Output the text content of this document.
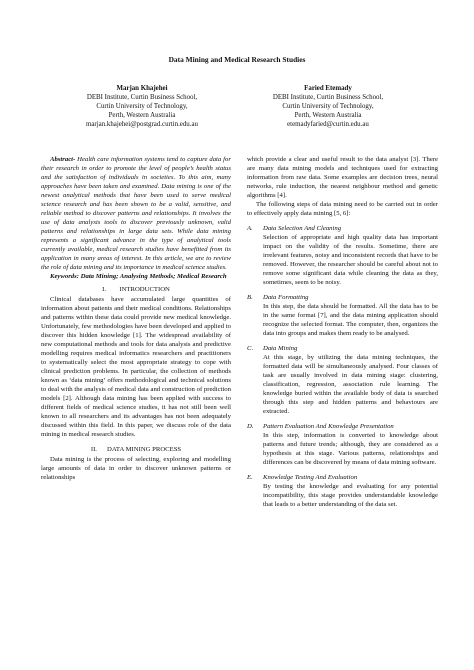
Data Mining and Medical Research Studies
Marjan Khajehei
DEBI Institute, Curtin Business School,
Curtin University of Technology,
Perth, Western Australia
marjan.khajehei@postgrad.curtin.edu.au
Faried Etemady
DEBI Institute, Curtin Business School,
Curtin University of Technology,
Perth, Western Australia
etemadyfaried@curtin.edu.au

Abstract- Health care information systems tend to capture data for their research in order to promote the level of people’s health status and the satisfaction of individuals in societies. To this aim, many approaches have been taken and examined. Data mining is one of the newest analytical methods that have been used to serve medical science research and has been shown to be a valid, sensitive, and reliable method to discover patterns and relationships. It involves the use of data analysis tools to discover previously unknown, valid patterns and relationships in large data sets. While data mining represents a significant advance in the type of analytical tools currently available, medical research studies have benefitted from its application in many areas of interest. In this article, we are to review the role of data mining and its importance in medical science studies.

Keywords: Data Mining; Analysing Methods; Medical Research

I.        INTRODUCTION

Clinical databases have accumulated large quantities of information about patients and their medical conditions. Relationships and patterns within these data could provide new medical knowledge. Unfortunately, few methodologies have been developed and applied to discover this hidden knowledge [1]. The widespread availability of new computational methods and tools for data analysis and predictive modelling requires medical informatics researchers and practitioners to systematically select the most appropriate strategy to cope with clinical prediction problems. In particular, the collection of methods known as ‘data mining’ offers methodological and technical solutions to deal with the analysis of medical data and construction of prediction models [2]. Although data mining has been applied with success to different fields of medical science studies, it has not still been well known to all researchers and its advantages has not been adequately discussed within this field. In this paper, we discuss role of the data mining in medical research studies.

II.      DATA MINING PROCESS

Data mining is the process of selecting, exploring and modelling large amounts of data in order to discover unknown patterns or relationships

which provide a clear and useful result to the data analyst [3]. There are many data mining models and techniques used for extracting information from raw data. Some examples are decision trees, neural networks, rule induction, the nearest neighbour method and genetic algorithms [4].

The following steps of data mining need to be carried out in order to effectively apply data mining [5, 6]:

A. Data Selection And Cleaning

Selection of appropriate and high quality data has important impact on the validity of the results. Sometime, there are irrelevant features, noisy and inconsistent records that have to be removed. However, the researcher should be careful about not to remove some significant data while cleaning the data as they, sometimes, seem to be noisy.

B. Data Formatting

In this step, the data should be formatted. All the data has to be in the same format [7], and the data mining application should recognize the selected format. The computer, then, organizes the data into groups and makes them ready to be analysed.

C. Data Mining

At this stage, by utilizing the data mining techniques, the formatted data will be simultaneously analysed. Four classes of task are usually involved in data mining stage: clustering, classification, regression, association rule learning. The knowledge buried within the available body of data is searched through this step and hidden patterns and behaviours are extracted.

D. Pattern Evaluation And Knowledge Presentation

In this step, information is converted to knowledge about patterns and future trends; although, they are considered as a hypothesis at this stage. Various patterns, relationships and differences can be discovered by means of data mining software.

E. Knowledge Testing And Evaluation

By testing the knowledge and evaluating for any potential incompatibility, this stage provides understandable knowledge that leads to a better understanding of the data set.
